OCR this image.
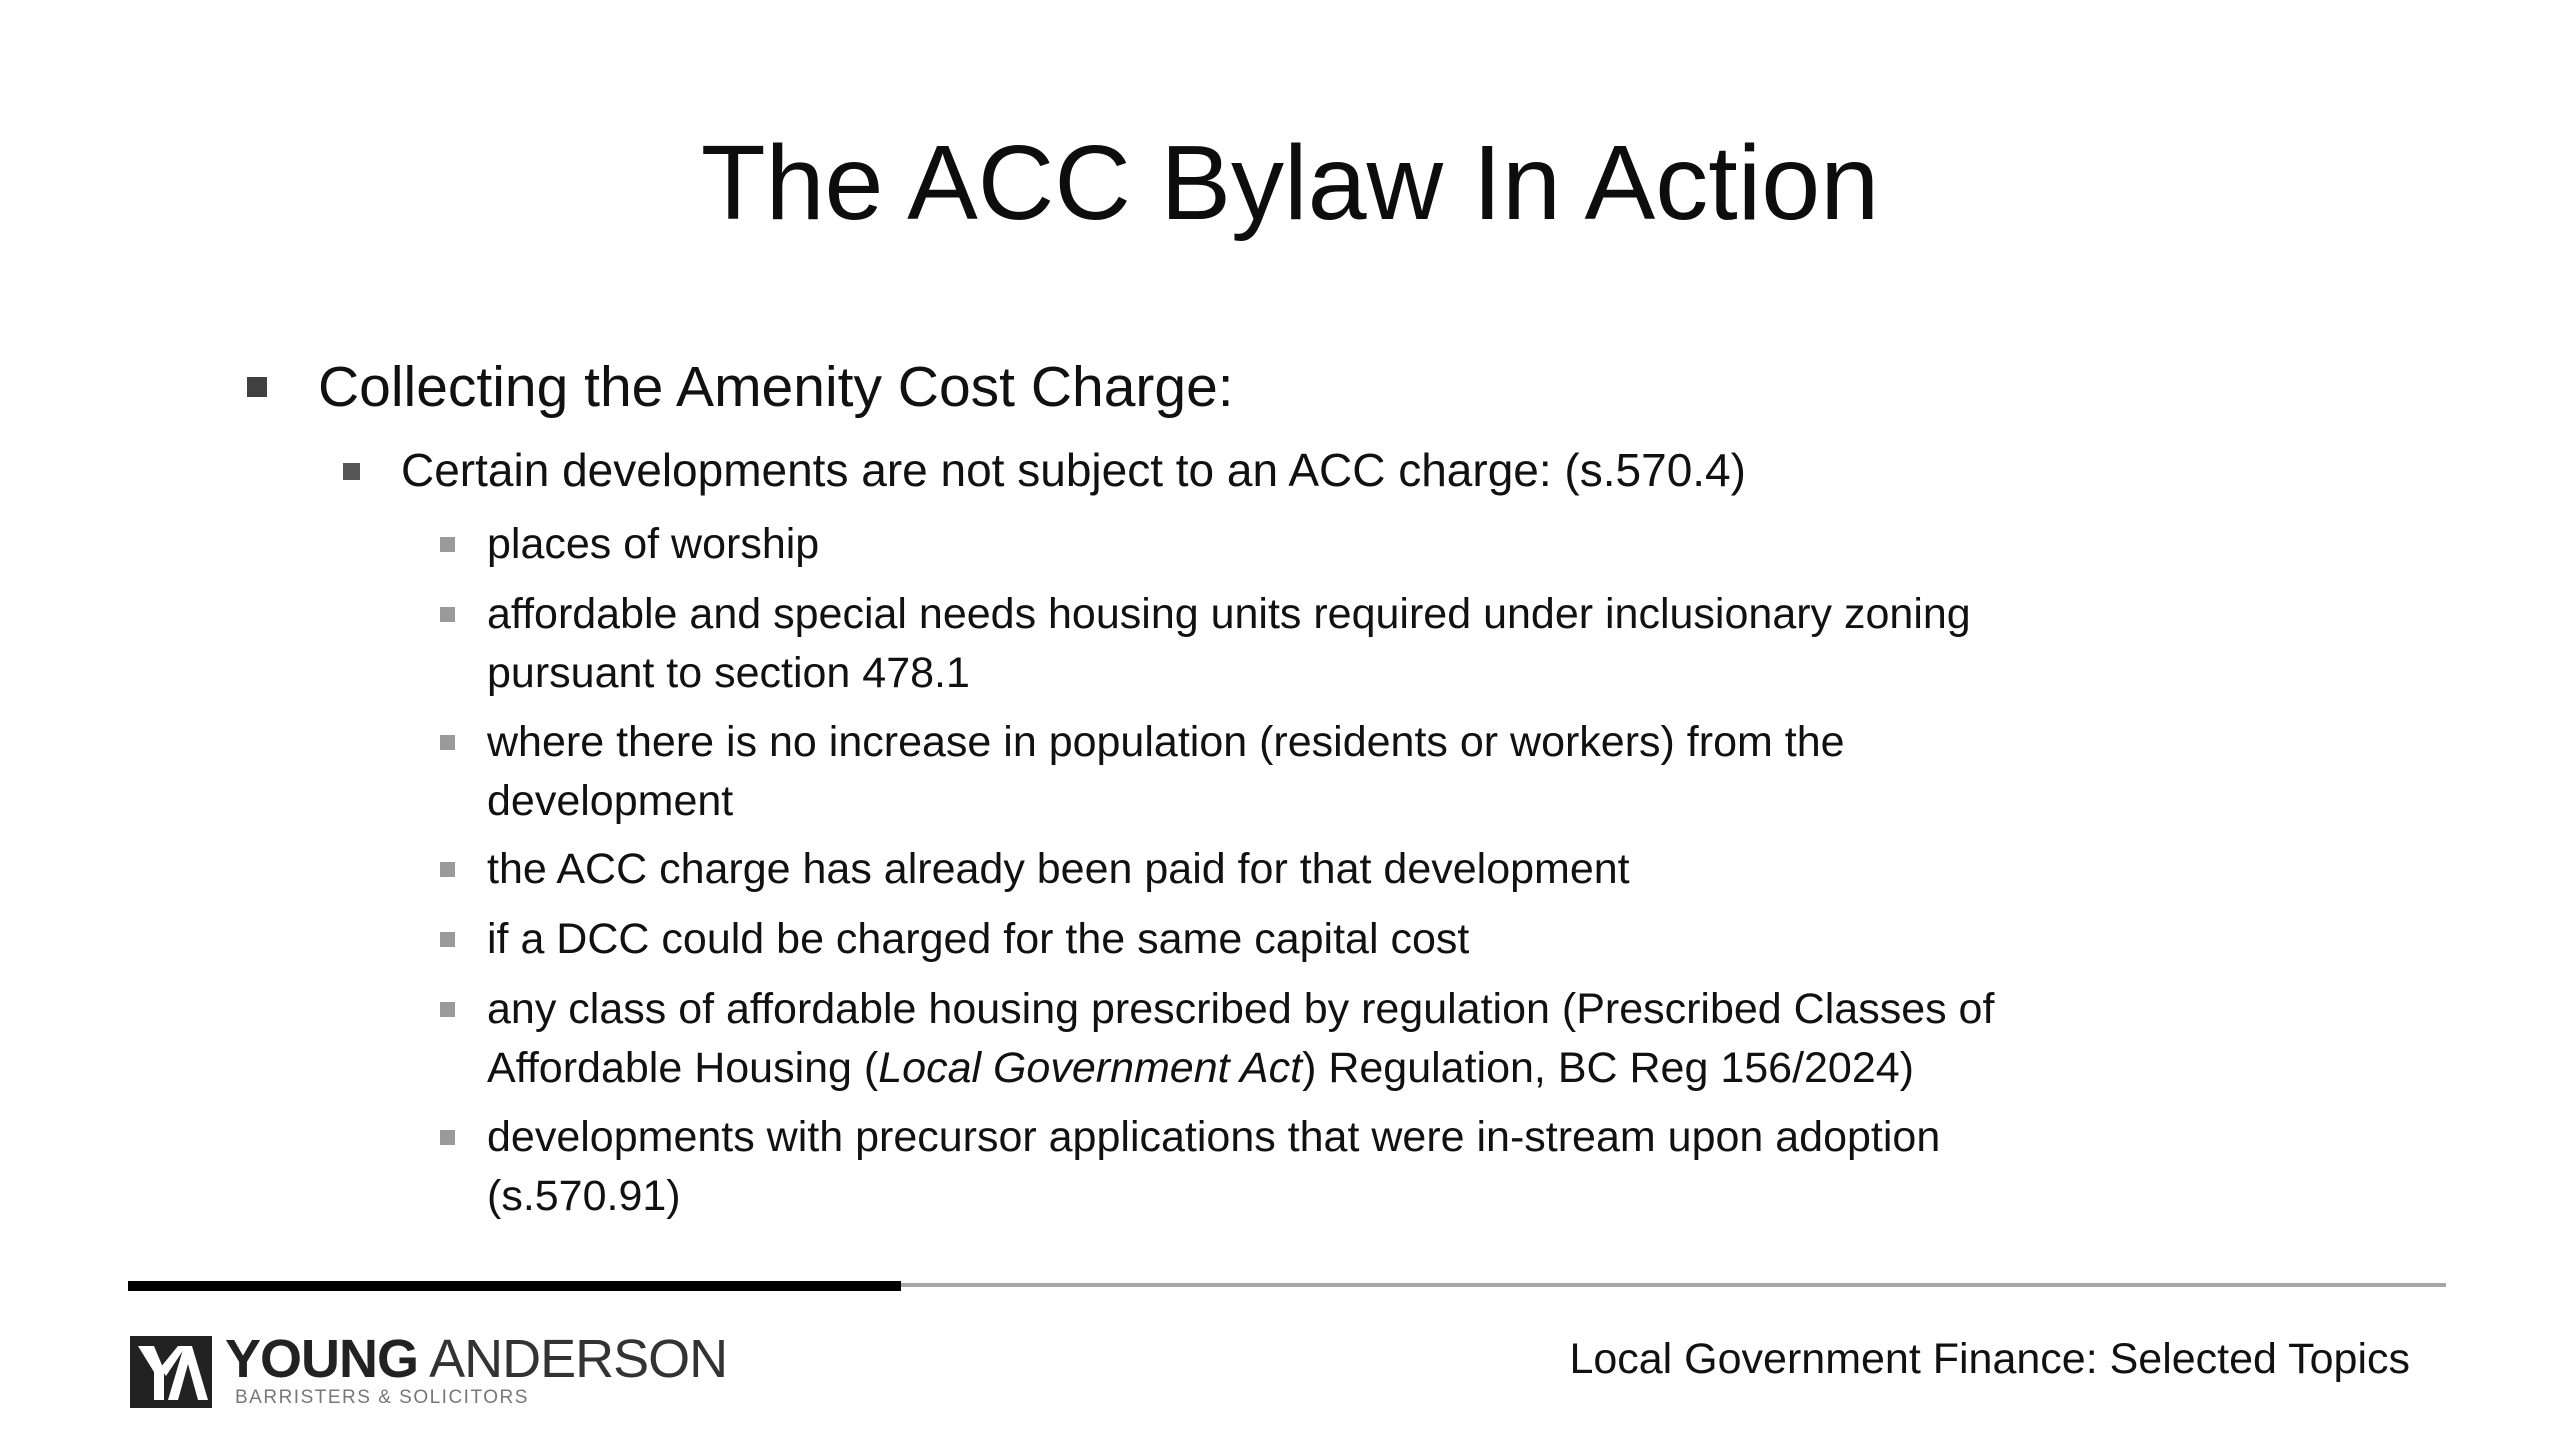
The ACC Bylaw In Action
Collecting the Amenity Cost Charge:
Certain developments are not subject to an ACC charge: (s.570.4)
places of worship
affordable and special needs housing units required under inclusionary zoning pursuant to section 478.1
where there is no increase in population (residents or workers) from the development
the ACC charge has already been paid for that development
if a DCC could be charged for the same capital cost
any class of affordable housing prescribed by regulation (Prescribed Classes of Affordable Housing (Local Government Act) Regulation, BC Reg 156/2024)
developments with precursor applications that were in-stream upon adoption (s.570.91)
YOUNG ANDERSON
BARRISTERS & SOLICITORS
Local Government Finance: Selected Topics
